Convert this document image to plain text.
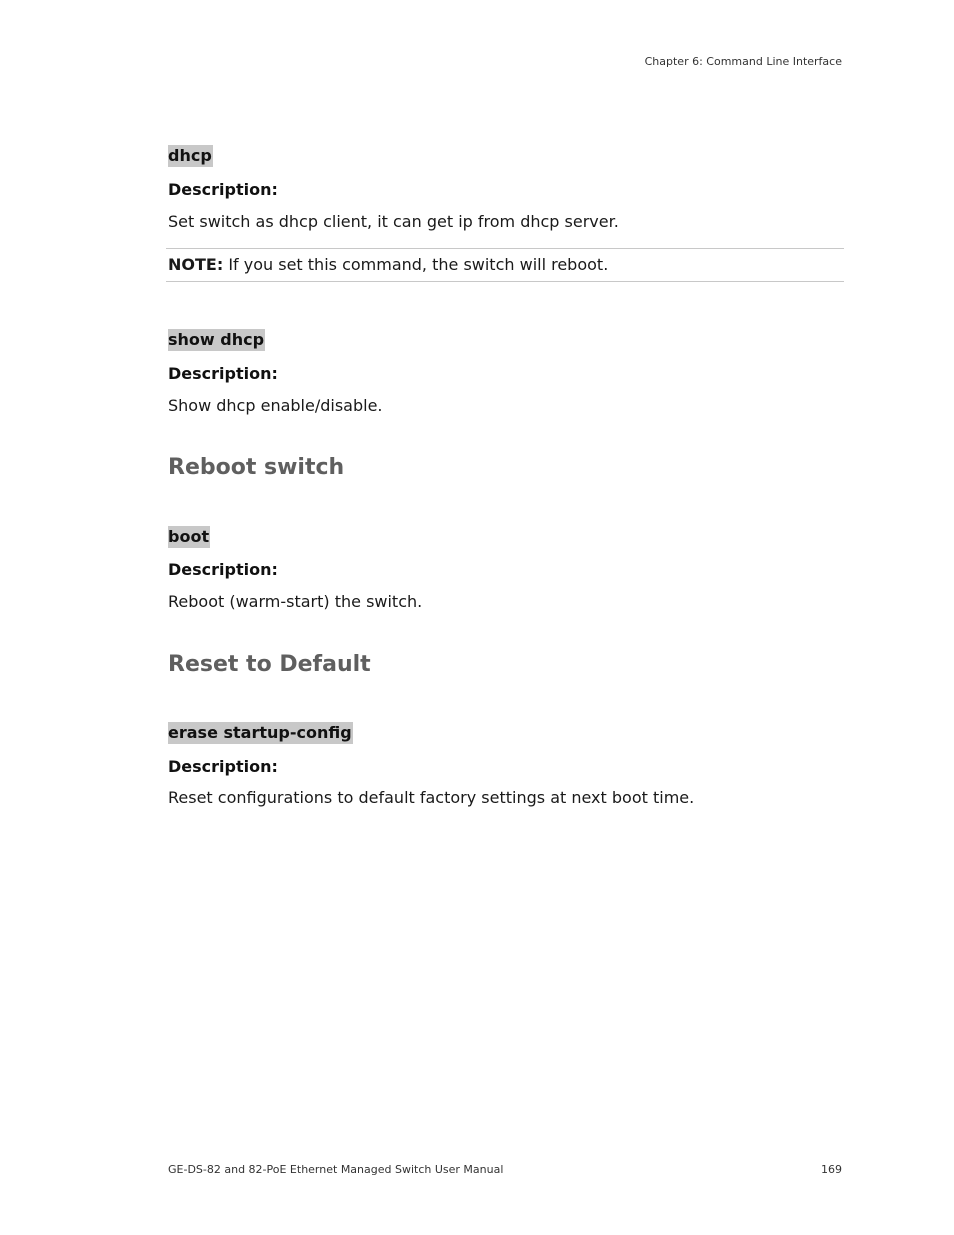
Chapter 6: Command Line Interface
dhcp
Description:
Set switch as dhcp client, it can get ip from dhcp server.
NOTE: If you set this command, the switch will reboot.
show dhcp
Description:
Show dhcp enable/disable.
Reboot switch
boot
Description:
Reboot (warm-start) the switch.
Reset to Default
erase startup-config
Description:
Reset configurations to default factory settings at next boot time.
GE-DS-82 and 82-PoE Ethernet Managed Switch User Manual	169
